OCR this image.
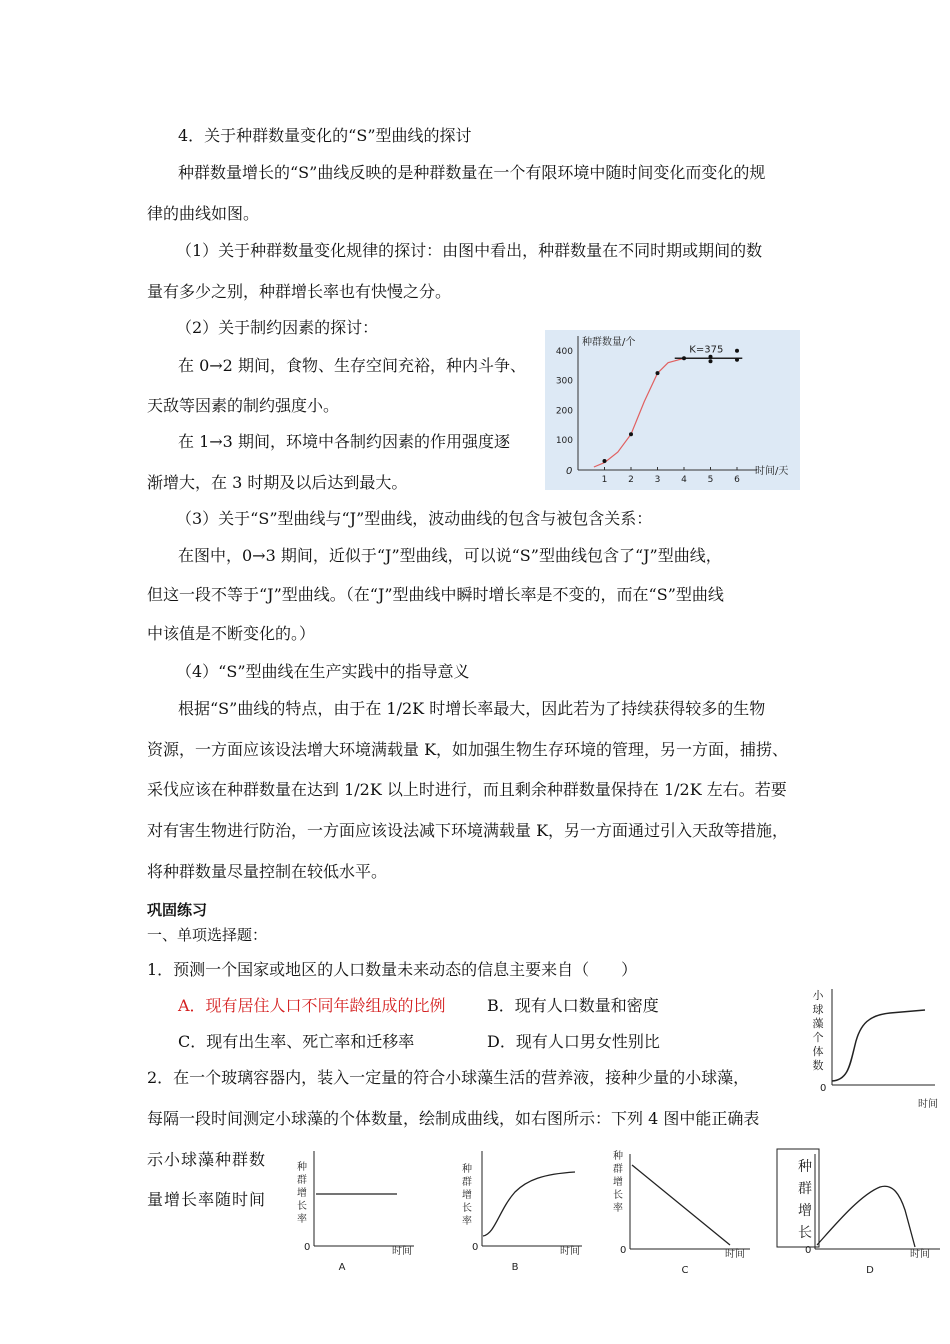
4．关于种群数量变化的“S”型曲线的探讨
种群数量增长的“S”曲线反映的是种群数量在一个有限环境中随时间变化而变化的规
律的曲线如图。
（1）关于种群数量变化规律的探讨：由图中看出，种群数量在不同时期或期间的数
量有多少之别，种群增长率也有快慢之分。
（2）关于制约因素的探讨：
在 0→2 期间，食物、生存空间充裕，种内斗争、
天敌等因素的制约强度小。
在 1→3 期间，环境中各制约因素的作用强度逐
渐增大，在 3 时期及以后达到最大。
（3）关于“S”型曲线与“J”型曲线，波动曲线的包含与被包含关系：
在图中，0→3 期间，近似于“J”型曲线，可以说“S”型曲线包含了“J”型曲线，
但这一段不等于“J”型曲线。（在“J”型曲线中瞬时增长率是不变的，而在“S”型曲线
中该值是不断变化的。）
（4）“S”型曲线在生产实践中的指导意义
根据“S”曲线的特点，由于在 1/2K 时增长率最大，因此若为了持续获得较多的生物
资源，一方面应该设法增大环境满载量 K，如加强生物生存环境的管理，另一方面，捕捞、
采伐应该在种群数量在达到 1/2K 以上时进行，而且剩余种群数量保持在 1/2K 左右。若要
对有害生物进行防治，一方面应该设法减下环境满载量 K，另一方面通过引入天敌等措施，
将种群数量尽量控制在较低水平。
巩固练习
一、单项选择题：
1．预测一个国家或地区的人口数量未来动态的信息主要来自（　　）
A．现有居住人口不同年龄组成的比例	B．现有人口数量和密度
C．现有出生率、死亡率和迁移率	D．现有人口男女性别比
2．在一个玻璃容器内，装入一定量的符合小球藻生活的营养液，接种少量的小球藻，
每隔一段时间测定小球藻的个体数量，绘制成曲线，如右图所示：下列 4 图中能正确表
示小球藻种群数
量增长率随时间
种群数量/个
时间/天
0
100
200
300
400
1 2 3 4 5 6
K=375
小
球
藻
个
体
数
0
时间
种
群
增
长
率
0	时间
A
种
群
增
长
率
0	时间
B
种
群
增
长
率
0	时间
C
0	时间
D
种
群
增
长
